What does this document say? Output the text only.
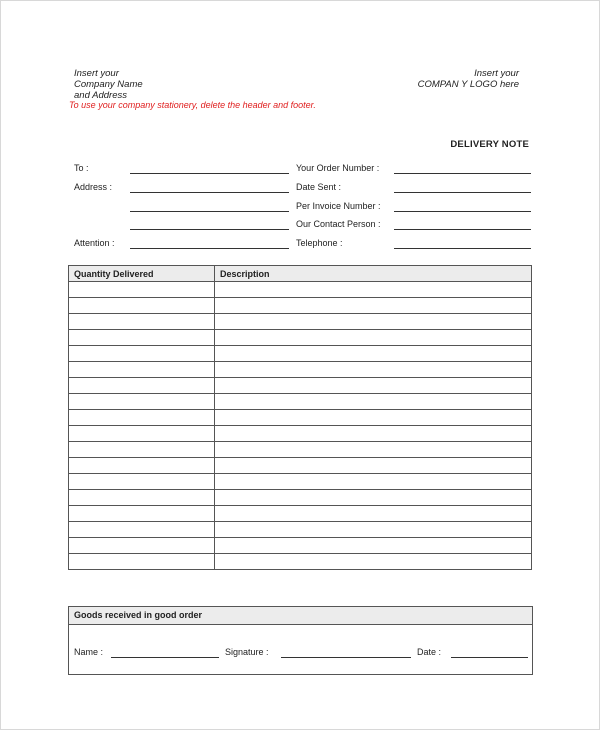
Insert your
Company Name
and Address
Insert your
COMPAN Y LOGO here
To use your company stationery, delete the header and footer.
DELIVERY NOTE
To :
Address :
Attention :
Your Order Number :
Date Sent :
Per Invoice Number :
Our Contact Person :
Telephone :
Quantity Delivered	Description

Goods received in good order
Name :	Signature :	Date :
